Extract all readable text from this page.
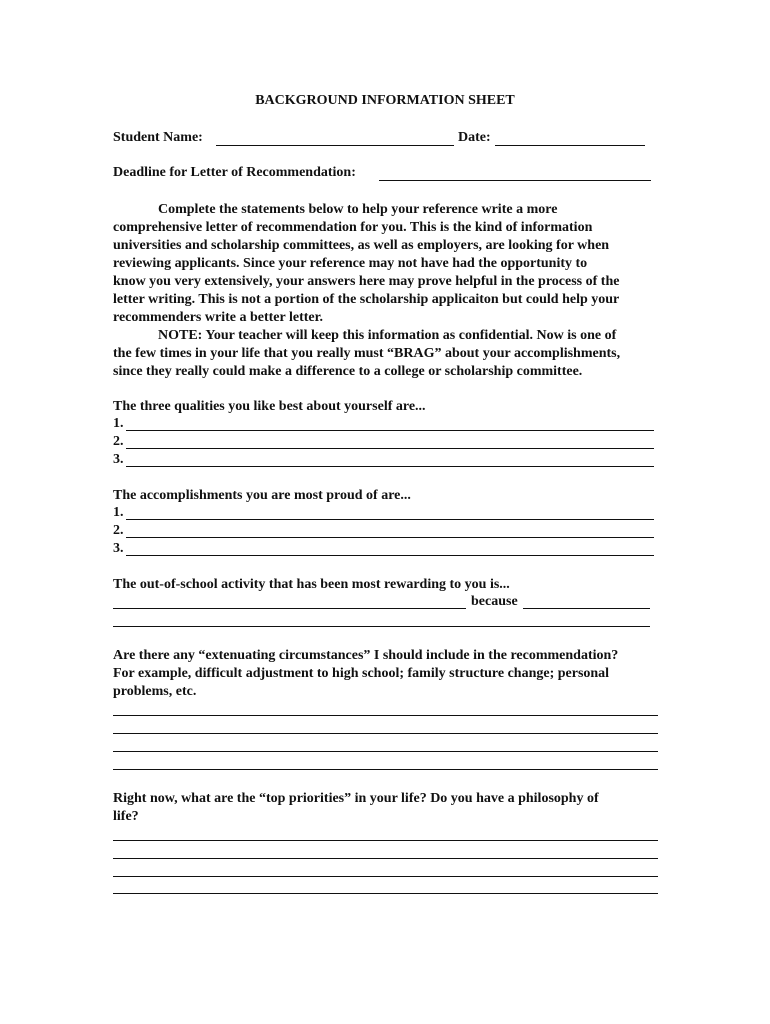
BACKGROUND INFORMATION SHEET
Student Name:	Date:
Deadline for Letter of Recommendation:

Complete the statements below to help your reference write a more

comprehensive letter of recommendation for you. This is the kind of information

universities and scholarship committees, as well as employers, are looking for when

reviewing applicants. Since your reference may not have had the opportunity to

know you very extensively, your answers here may prove helpful in the process of the

letter writing. This is not a portion of the scholarship applicaiton but could help your

recommenders write a better letter.

NOTE: Your teacher will keep this information as confidential. Now is one of

the few times in your life that you really must “BRAG” about your accomplishments,

since they really could make a difference to a college or scholarship committee.

The three qualities you like best about yourself are...
1.
2.
3.
The accomplishments you are most proud of are...
1.
2.
3.
The out-of-school activity that has been most rewarding to you is...
because
Are there any “extenuating circumstances” I should include in the recommendation?
For example, difficult adjustment to high school; family structure change; personal
problems, etc.
Right now, what are the “top priorities” in your life? Do you have a philosophy of
life?
